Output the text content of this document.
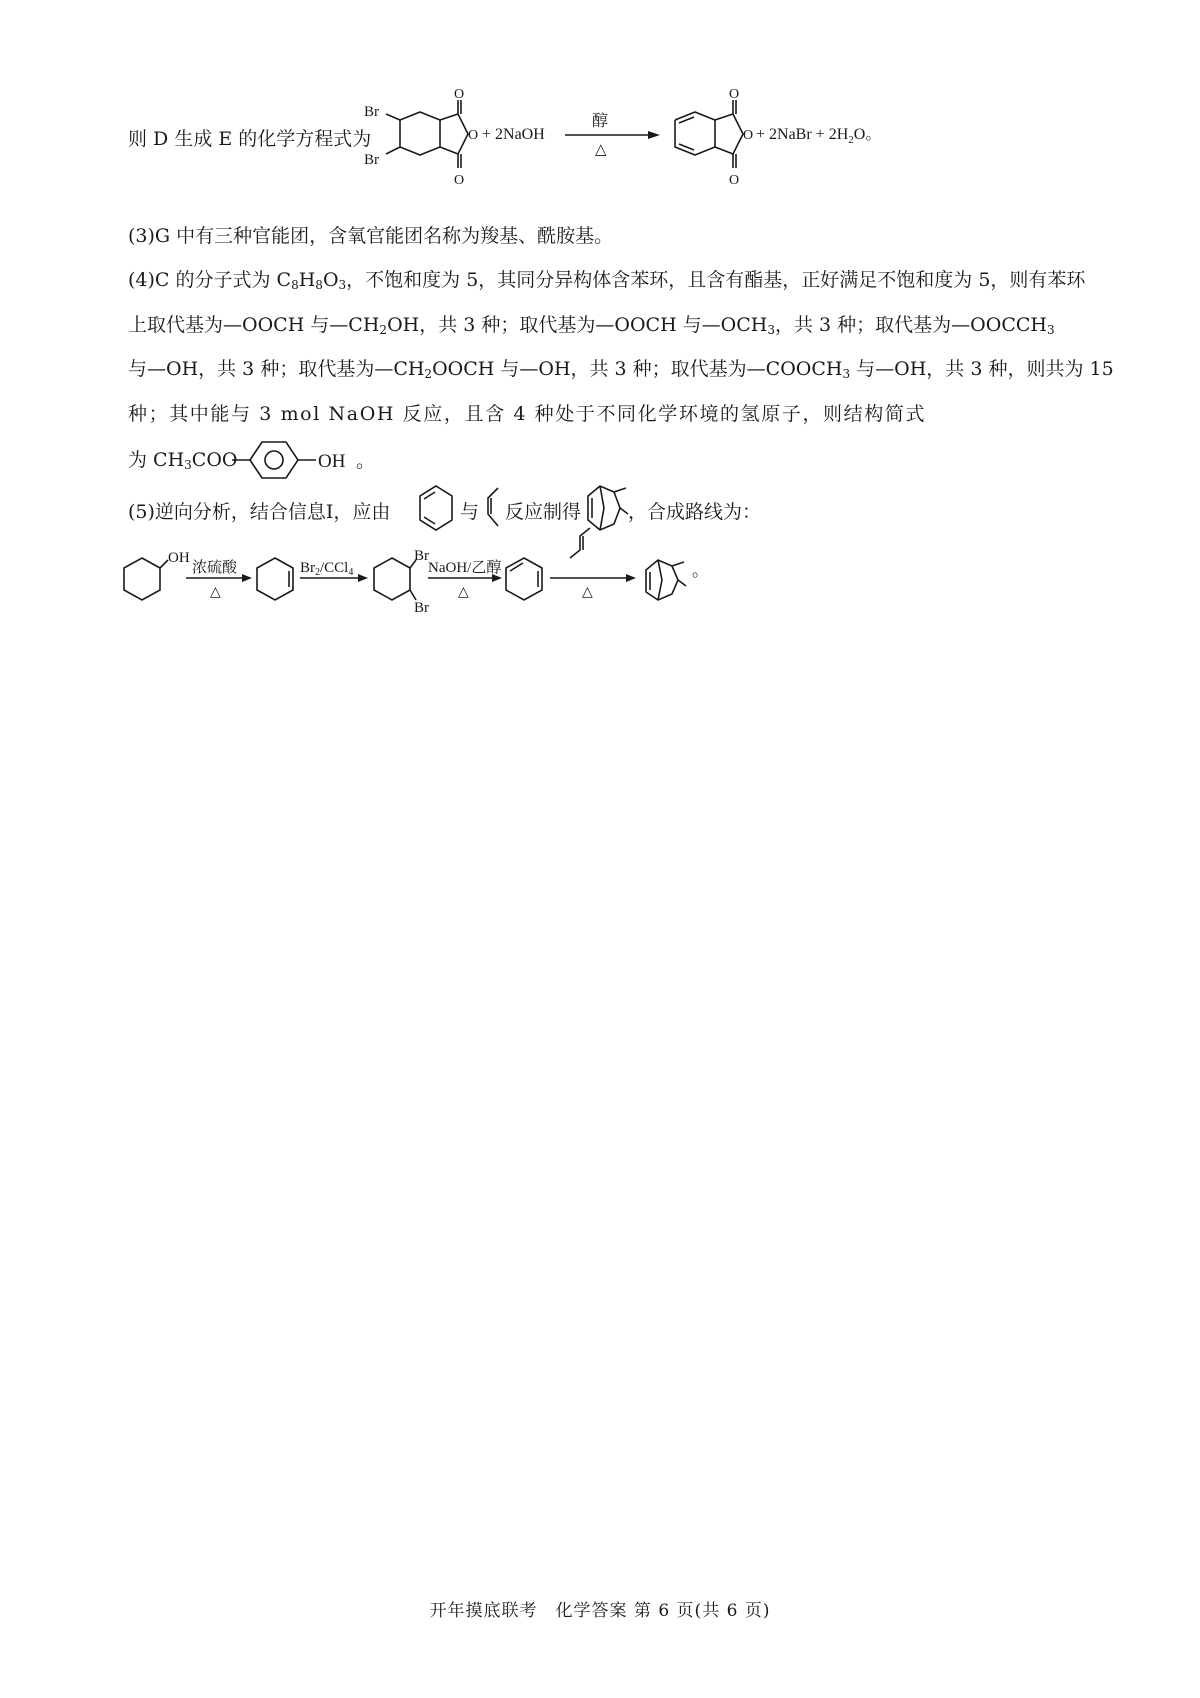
则 D 生成 E 的化学方程式为
Br
Br
O
O
O
+ 2NaOH
醇
△
O
O
O
+ 2NaBr + $2H_2O$。
(3)G 中有三种官能团，含氧官能团名称为羧基、酰胺基。
(4)C 的分子式为 $C_8H_8O_3$，不饱和度为 5，其同分异构体含苯环，且含有酯基，正好满足不饱和度为 5，则有苯环
上取代基为—OOCH 与$—CH_2OH$，共 3 种；取代基为—OOCH 与$—OCH_3$，共 3 种；取代基为$—OOCCH_3$
与—OH，共 3 种；取代基为$—CH_2OOCH$ 与—OH，共 3 种；取代基为$—COOCH_3$ 与—OH，共 3 种，则共为 15
种；其中能与 3 mol NaOH 反应，且含 4 种处于不同化学环境的氢原子，则结构简式
为 $CH_3COO$	OH 。
(5)逆向分析，结合信息Ⅰ，应由	与 反应制得 ，合成路线为：
OH
浓硫酸
△
$Br_2/CCl_4$
Br
Br
NaOH/乙醇
△	△
。
开年摸底联考　化学答案 第 6 页(共 6 页)
